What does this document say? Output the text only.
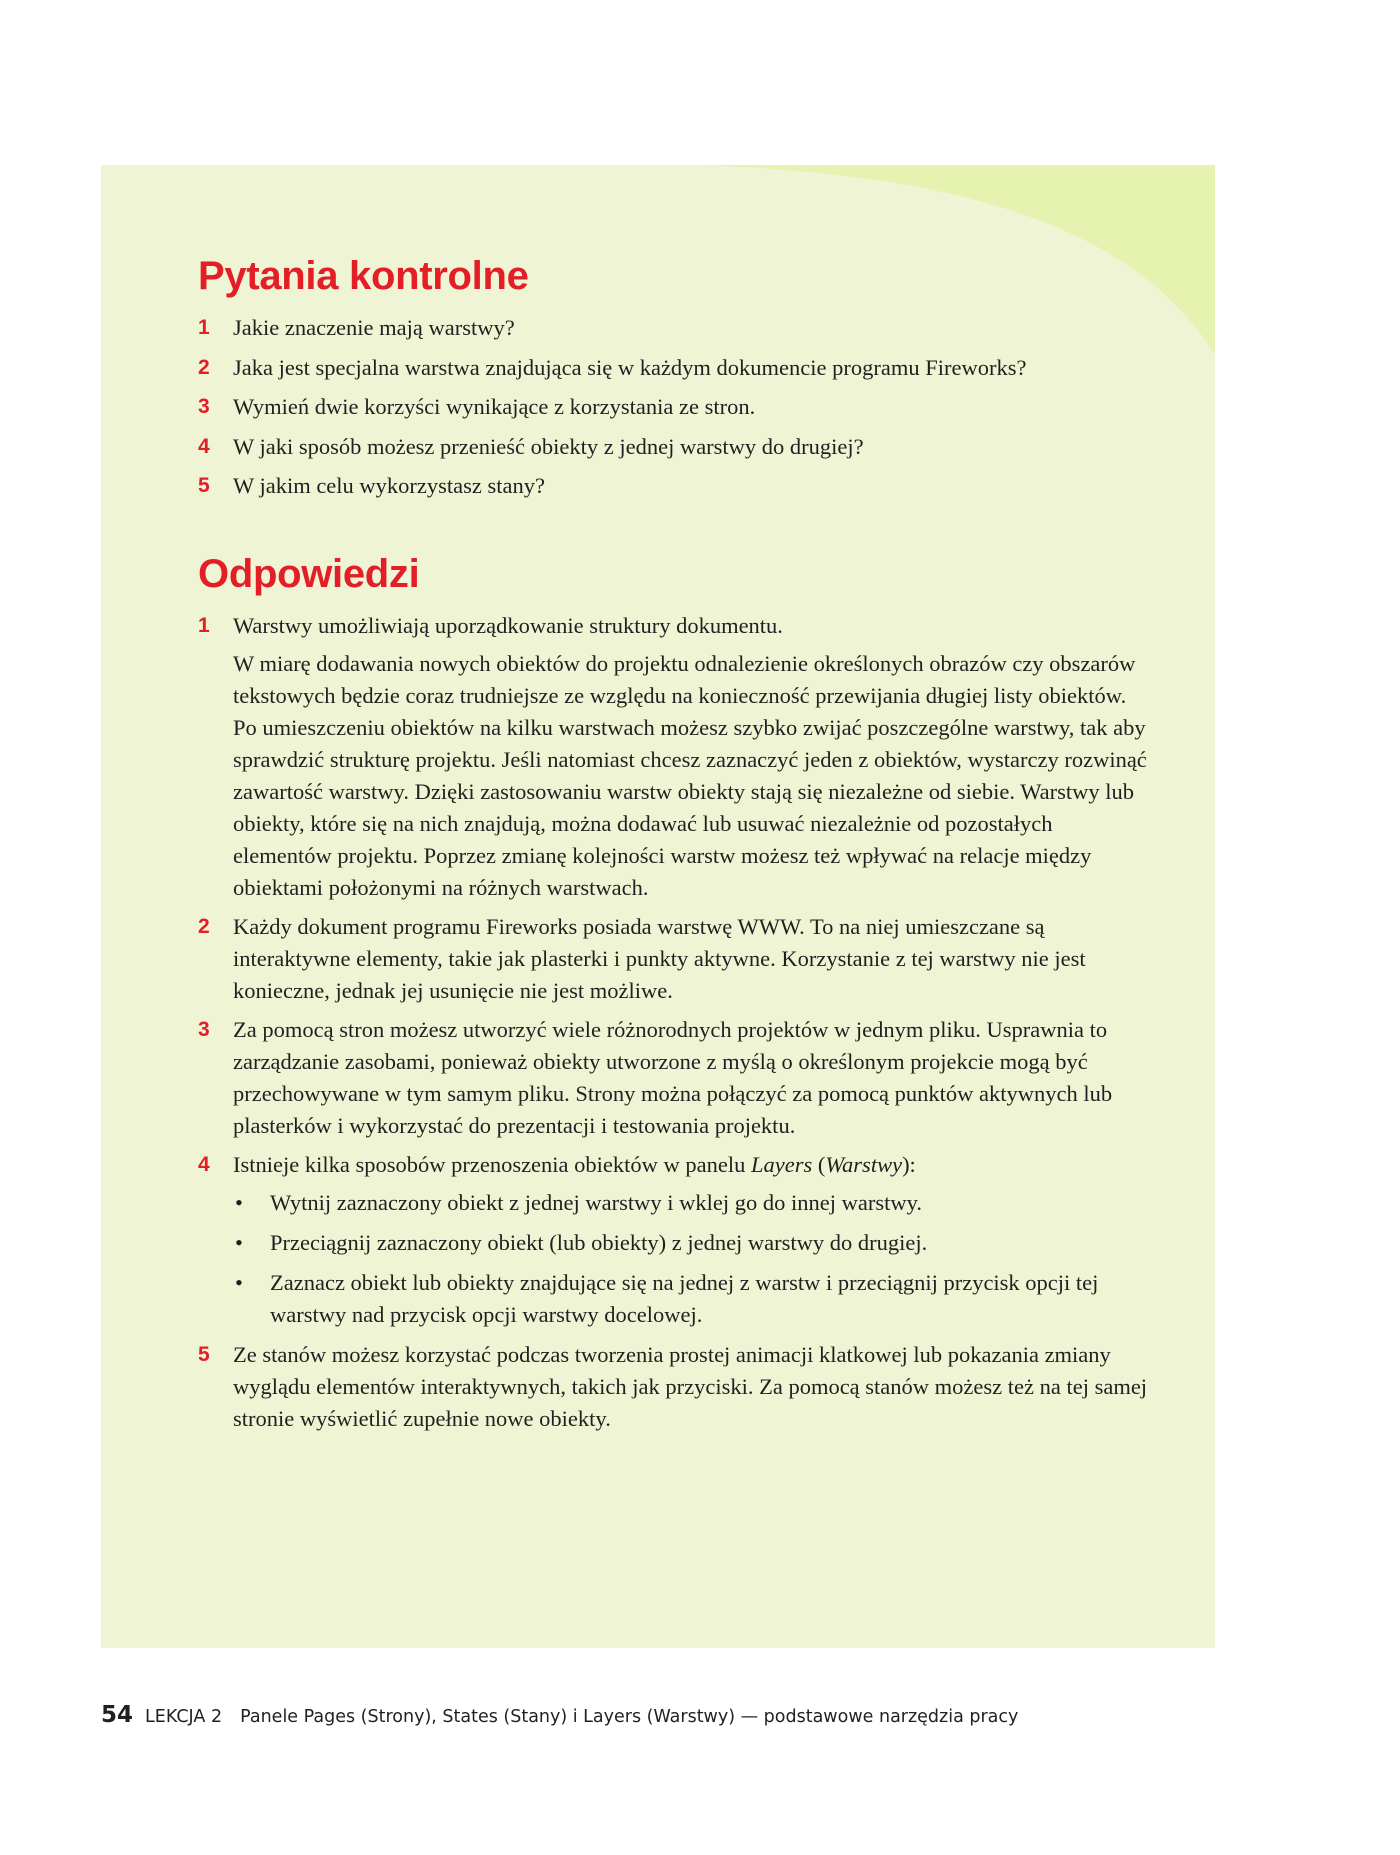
Pytania kontrolne
1 Jakie znaczenie mają warstwy?
2 Jaka jest specjalna warstwa znajdująca się w każdym dokumencie programu Fireworks?
3 Wymień dwie korzyści wynikające z korzystania ze stron.
4 W jaki sposób możesz przenieść obiekty z jednej warstwy do drugiej?
5 W jakim celu wykorzystasz stany?
Odpowiedzi
1 Warstwy umożliwiają uporządkowanie struktury dokumentu.

W miarę dodawania nowych obiektów do projektu odnalezienie określonych obrazów czy obszarów tekstowych będzie coraz trudniejsze ze względu na konieczność przewijania długiej listy obiektów. Po umieszczeniu obiektów na kilku warstwach możesz szybko zwijać poszczególne warstwy, tak aby sprawdzić strukturę projektu. Jeśli natomiast chcesz zaznaczyć jeden z obiektów, wystarczy rozwinąć zawartość warstwy. Dzięki zastosowaniu warstw obiekty stają się niezależne od siebie. Warstwy lub obiekty, które się na nich znajdują, można dodawać lub usuwać niezależnie od pozostałych elementów projektu. Poprzez zmianę kolejności warstw możesz też wpływać na relacje między obiektami położonymi na różnych warstwach.

2 Każdy dokument programu Fireworks posiada warstwę WWW. To na niej umieszczane są interaktywne elementy, takie jak plasterki i punkty aktywne. Korzystanie z tej warstwy nie jest konieczne, jednak jej usunięcie nie jest możliwe.

3 Za pomocą stron możesz utworzyć wiele różnorodnych projektów w jednym pliku. Usprawnia to zarządzanie zasobami, ponieważ obiekty utworzone z myślą o określonym projekcie mogą być przechowywane w tym samym pliku. Strony można połączyć za pomocą punktów aktywnych lub plasterków i wykorzystać do prezentacji i testowania projektu.

4 Istnieje kilka sposobów przenoszenia obiektów w panelu Layers (Warstwy):

• Wytnij zaznaczony obiekt z jednej warstwy i wklej go do innej warstwy.
• Przeciągnij zaznaczony obiekt (lub obiekty) z jednej warstwy do drugiej.
• Zaznacz obiekt lub obiekty znajdujące się na jednej z warstw i przeciągnij przycisk opcji tej warstwy nad przycisk opcji warstwy docelowej.
5 Ze stanów możesz korzystać podczas tworzenia prostej animacji klatkowej lub pokazania zmiany wyglądu elementów interaktywnych, takich jak przyciski. Za pomocą stanów możesz też na tej samej stronie wyświetlić zupełnie nowe obiekty.

54 LEKCJA 2 Panele Pages (Strony), States (Stany) i Layers (Warstwy) — podstawowe narzędzia pracy
